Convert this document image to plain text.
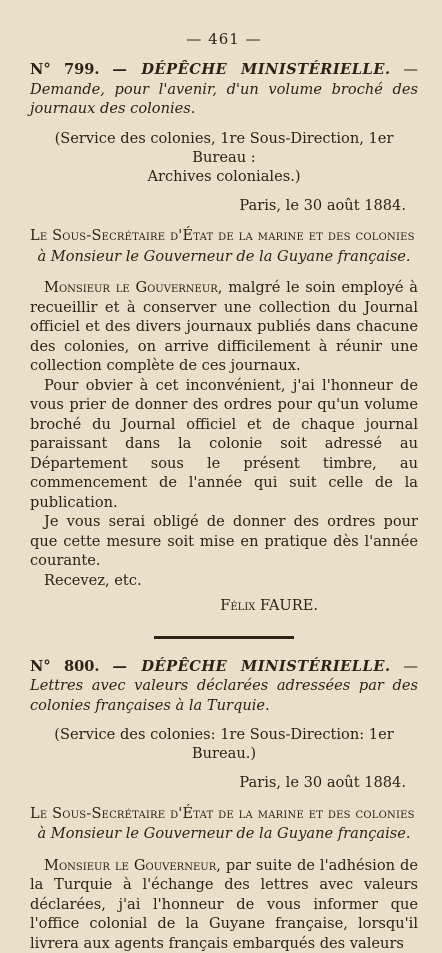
— 461 —

N° 799. — DÉPÊCHE MINISTÉRIELLE. — Demande, pour l'avenir, d'un volume broché des journaux des colonies.

(Service des colonies, 1re Sous-Direction, 1er Bureau :
Archives coloniales.)
Paris, le 30 août 1884.

Le Sous-Secrétaire d'État de la marine et des colonies

à Monsieur le Gouverneur de la Guyane française.

Monsieur le Gouverneur, malgré le soin employé à recueillir et à conserver une collection du Journal officiel et des divers journaux publiés dans chacune des colonies, on arrive difficilement à réunir une collection complète de ces journaux.

Pour obvier à cet inconvénient, j'ai l'honneur de vous prier de donner des ordres pour qu'un volume broché du Journal officiel et de chaque journal paraissant dans la colonie soit adressé au Département sous le présent timbre, au commencement de l'année qui suit celle de la publication.

Je vous serai obligé de donner des ordres pour que cette mesure soit mise en pratique dès l'année courante.

Recevez, etc.

Félix FAURE.

N° 800. — DÉPÊCHE MINISTÉRIELLE. — Lettres avec valeurs déclarées adressées par des colonies françaises à la Turquie.

(Service des colonies: 1re Sous-Direction: 1er Bureau.)
Paris, le 30 août 1884.

Le Sous-Secrétaire d'État de la marine et des colonies

à Monsieur le Gouverneur de la Guyane française.

Monsieur le Gouverneur, par suite de l'adhésion de la Turquie à l'échange des lettres avec valeurs déclarées, j'ai l'honneur de vous informer que l'office colonial de la Guyane française, lorsqu'il livrera aux agents français embarqués des valeurs
